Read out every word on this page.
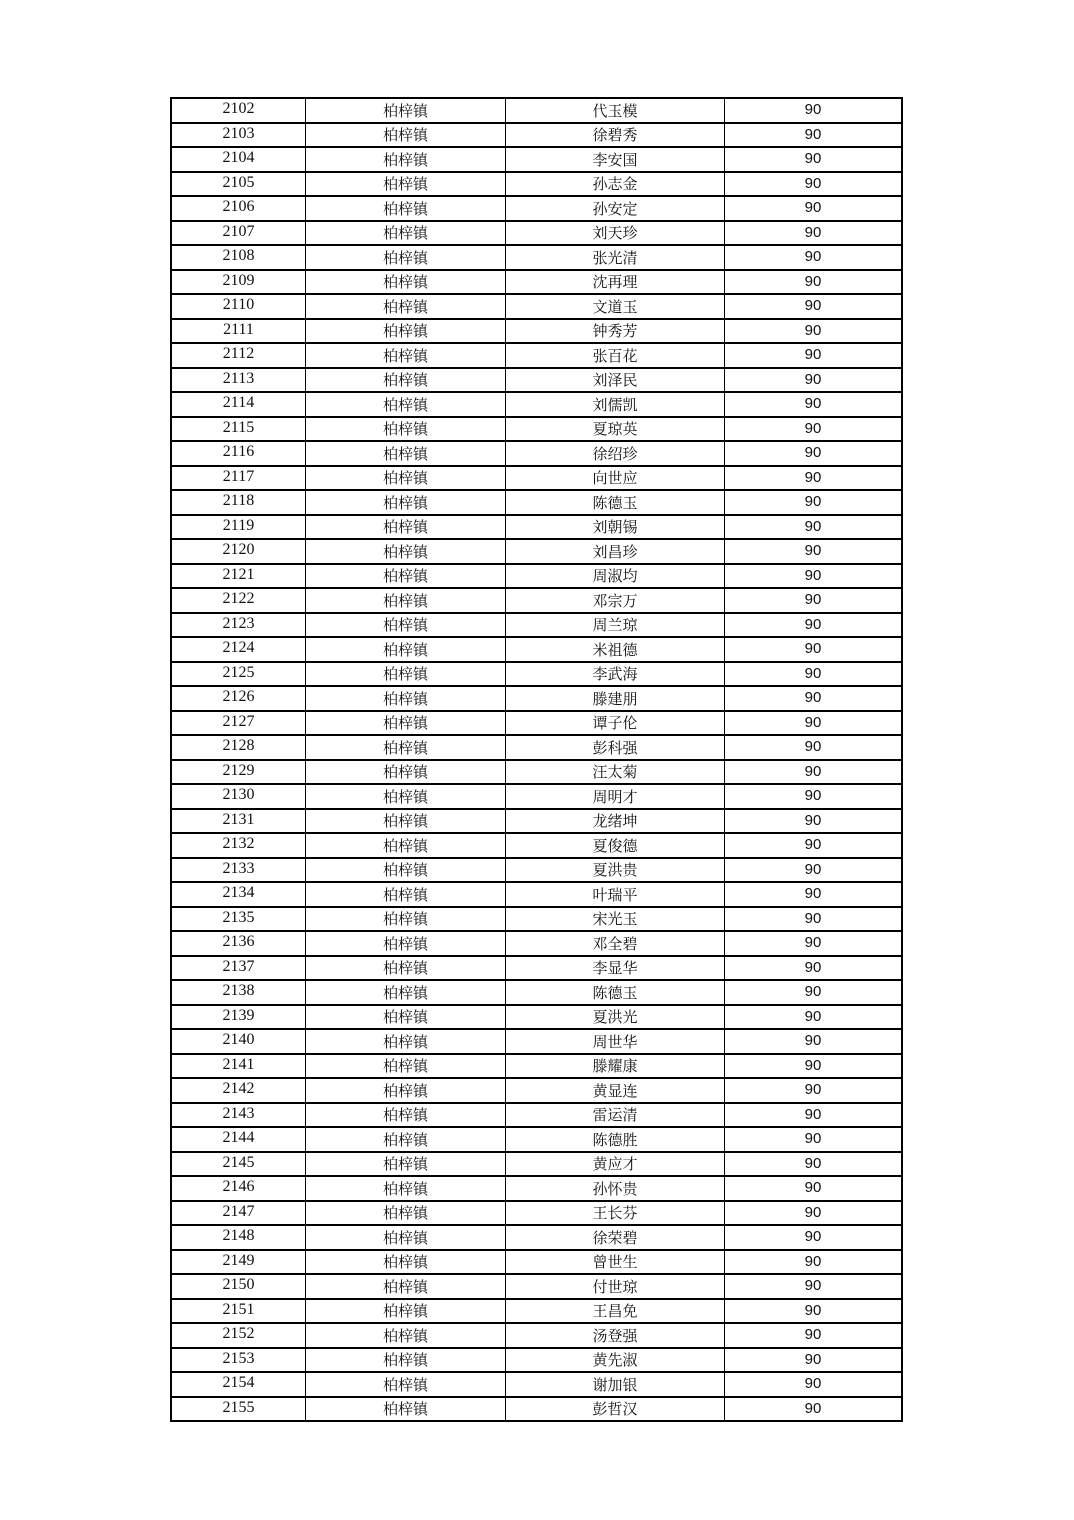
2102	柏梓镇	代玉模	90
2103	柏梓镇	徐碧秀	90
2104	柏梓镇	李安国	90
2105	柏梓镇	孙志金	90
2106	柏梓镇	孙安定	90
2107	柏梓镇	刘天珍	90
2108	柏梓镇	张光清	90
2109	柏梓镇	沈再理	90
2110	柏梓镇	文道玉	90
2111	柏梓镇	钟秀芳	90
2112	柏梓镇	张百花	90
2113	柏梓镇	刘泽民	90
2114	柏梓镇	刘儒凯	90
2115	柏梓镇	夏琼英	90
2116	柏梓镇	徐绍珍	90
2117	柏梓镇	向世应	90
2118	柏梓镇	陈德玉	90
2119	柏梓镇	刘朝锡	90
2120	柏梓镇	刘昌珍	90
2121	柏梓镇	周淑均	90
2122	柏梓镇	邓宗万	90
2123	柏梓镇	周兰琼	90
2124	柏梓镇	米祖德	90
2125	柏梓镇	李武海	90
2126	柏梓镇	滕建朋	90
2127	柏梓镇	谭子伦	90
2128	柏梓镇	彭科强	90
2129	柏梓镇	汪太菊	90
2130	柏梓镇	周明才	90
2131	柏梓镇	龙绪坤	90
2132	柏梓镇	夏俊德	90
2133	柏梓镇	夏洪贵	90
2134	柏梓镇	叶瑞平	90
2135	柏梓镇	宋光玉	90
2136	柏梓镇	邓全碧	90
2137	柏梓镇	李显华	90
2138	柏梓镇	陈德玉	90
2139	柏梓镇	夏洪光	90
2140	柏梓镇	周世华	90
2141	柏梓镇	滕耀康	90
2142	柏梓镇	黄显连	90
2143	柏梓镇	雷运清	90
2144	柏梓镇	陈德胜	90
2145	柏梓镇	黄应才	90
2146	柏梓镇	孙怀贵	90
2147	柏梓镇	王长芬	90
2148	柏梓镇	徐荣碧	90
2149	柏梓镇	曾世生	90
2150	柏梓镇	付世琼	90
2151	柏梓镇	王昌免	90
2152	柏梓镇	汤登强	90
2153	柏梓镇	黄先淑	90
2154	柏梓镇	谢加银	90
2155	柏梓镇	彭哲汉	90
